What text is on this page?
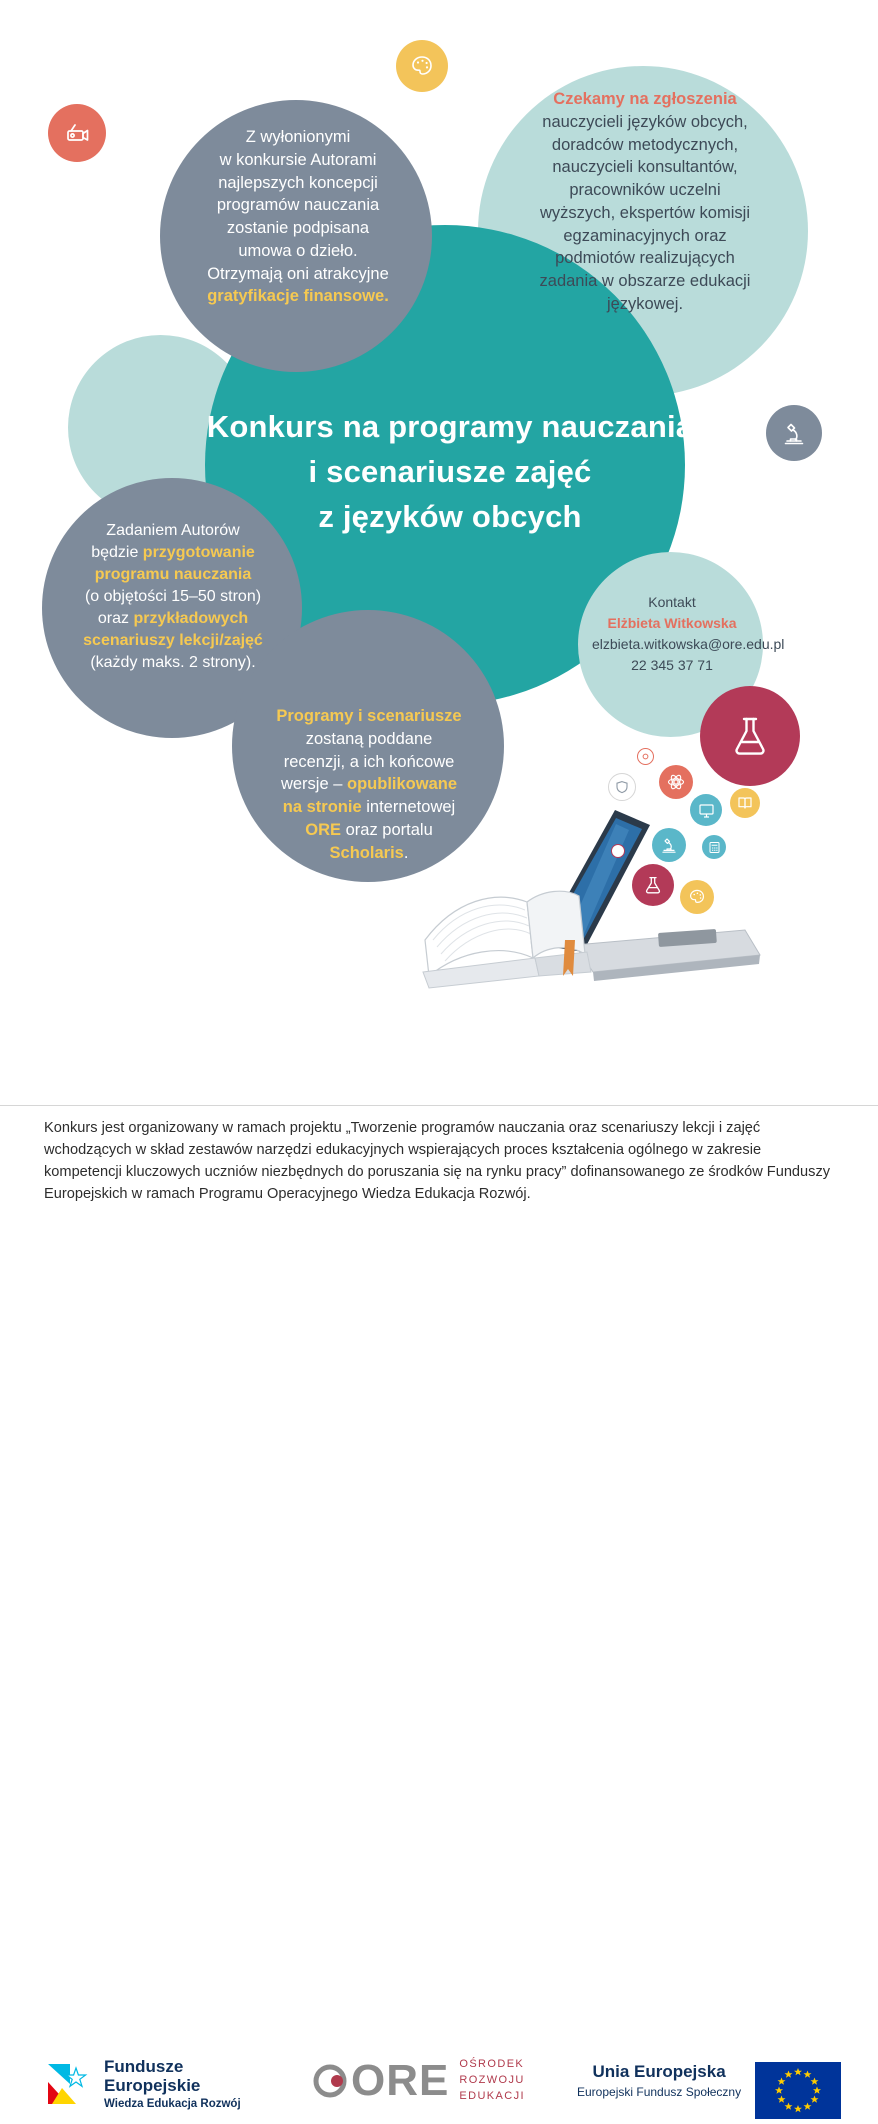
Konkurs na programy nauczania
i scenariusze zajęć
z języków obcych
Z wyłonionymi
w konkursie Autorami
najlepszych koncepcji
programów nauczania
zostanie podpisana
umowa o dzieło.
Otrzymają oni atrakcyjne
gratyfikacje finansowe.
Czekamy na zgłoszenia
nauczycieli języków obcych,
doradców metodycznych,
nauczycieli konsultantów,
pracowników uczelni
wyższych, ekspertów komisji
egzaminacyjnych oraz
podmiotów realizujących
zadania w obszarze edukacji
językowej.
Zadaniem Autorów
będzie przygotowanie
programu nauczania
(o objętości 15–50 stron)
oraz przykładowych
scenariuszy lekcji/zajęć
(każdy maks. 2 strony).
Programy i scenariusze
zostaną poddane
recenzji, a ich końcowe
wersje – opublikowane
na stronie internetowej
ORE oraz portalu
Scholaris.
Kontakt
Elżbieta Witkowska
elzbieta.witkowska@ore.edu.pl
22 345 37 71
Fundusze
Europejskie
Wiedza Edukacja Rozwój	ORE OŚRODEK
ROZWOJU
EDUKACJI
Unia Europejska
Europejski Fundusz Społeczny
Konkurs jest organizowany w ramach projektu „Tworzenie programów nauczania oraz scenariuszy lekcji i zajęć wchodzących w skład zestawów narzędzi edukacyjnych wspierających proces kształcenia ogólnego w zakresie kompetencji kluczowych uczniów niezbędnych do poruszania się na rynku pracy” dofinansowanego ze środków Funduszy Europejskich w ramach Programu Operacyjnego Wiedza Edukacja Rozwój.
